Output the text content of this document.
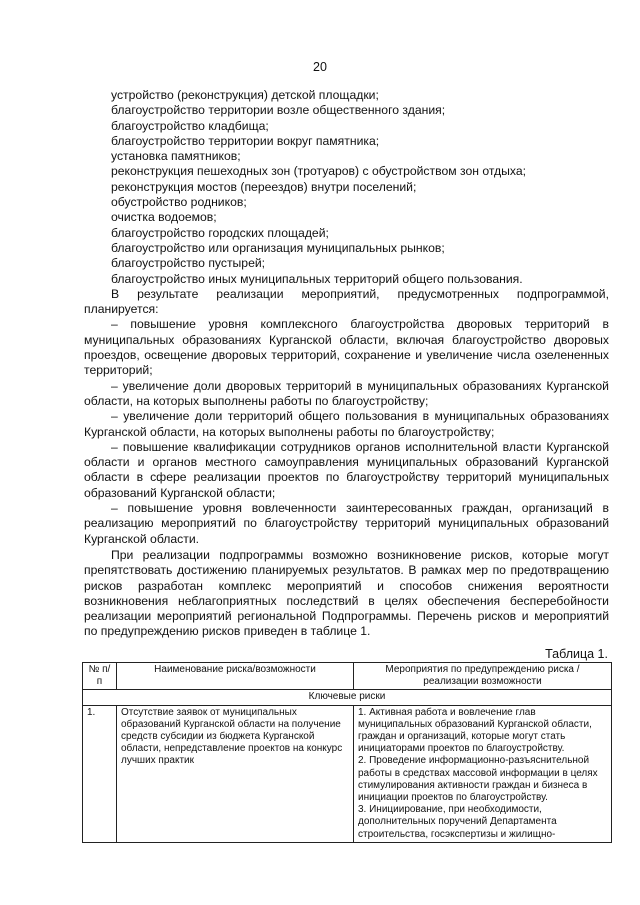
20

устройство (реконструкция) детской площадки;

благоустройство территории возле общественного здания;

благоустройство кладбища;

благоустройство территории вокруг памятника;

установка памятников;

реконструкция пешеходных зон (тротуаров) с обустройством зон отдыха;

реконструкция мостов (переездов) внутри поселений;

обустройство родников;

очистка водоемов;

благоустройство городских площадей;

благоустройство или организация муниципальных рынков;

благоустройство пустырей;

благоустройство иных муниципальных территорий общего пользования.

В результате реализации мероприятий, предусмотренных подпрограммой, планируется:

– повышение уровня комплексного благоустройства дворовых территорий в муниципальных образованиях Курганской области, включая благоустройство дворовых проездов, освещение дворовых территорий, сохранение и увеличение числа озелененных территорий;

– увеличение доли дворовых территорий в муниципальных образованиях Курганской области, на которых выполнены работы по благоустройству;

– увеличение доли территорий общего пользования в муниципальных образованиях Курганской области, на которых выполнены работы по благоустройству;

– повышение квалификации сотрудников органов исполнительной власти Курганской области и органов местного самоуправления муниципальных образований Курганской области в сфере реализации проектов по благоустройству территорий муниципальных образований Курганской области;

– повышение уровня вовлеченности заинтересованных граждан, организаций в реализацию мероприятий по благоустройству территорий муниципальных образований Курганской области.

При реализации подпрограммы возможно возникновение рисков, которые могут препятствовать достижению планируемых результатов. В рамках мер по предотвращению рисков разработан комплекс мероприятий и способов снижения вероятности возникновения неблагоприятных последствий в целях обеспечения бесперебойности реализации мероприятий региональной Подпрограммы. Перечень рисков и мероприятий по предупреждению рисков приведен в таблице 1.

Таблица 1.
№ п/п	Наименование риска/возможности	Мероприятия по предупреждению риска / реализации возможности
Ключевые риски		
1.	Отсутствие заявок от муниципальных образований Курганской области на получение средств субсидии из бюджета Курганской области, непредставление проектов на конкурс лучших практик	1. Активная работа и вовлечение глав муниципальных образований Курганской области, граждан и организаций, которые могут стать инициаторами проектов по благоустройству.
2. Проведение информационно-разъяснительной работы в средствах массовой информации в целях стимулирования активности граждан и бизнеса в инициации проектов по благоустройству.
3. Инициирование, при необходимости, дополнительных поручений Департамента строительства, госэкспертизы и жилищно-
